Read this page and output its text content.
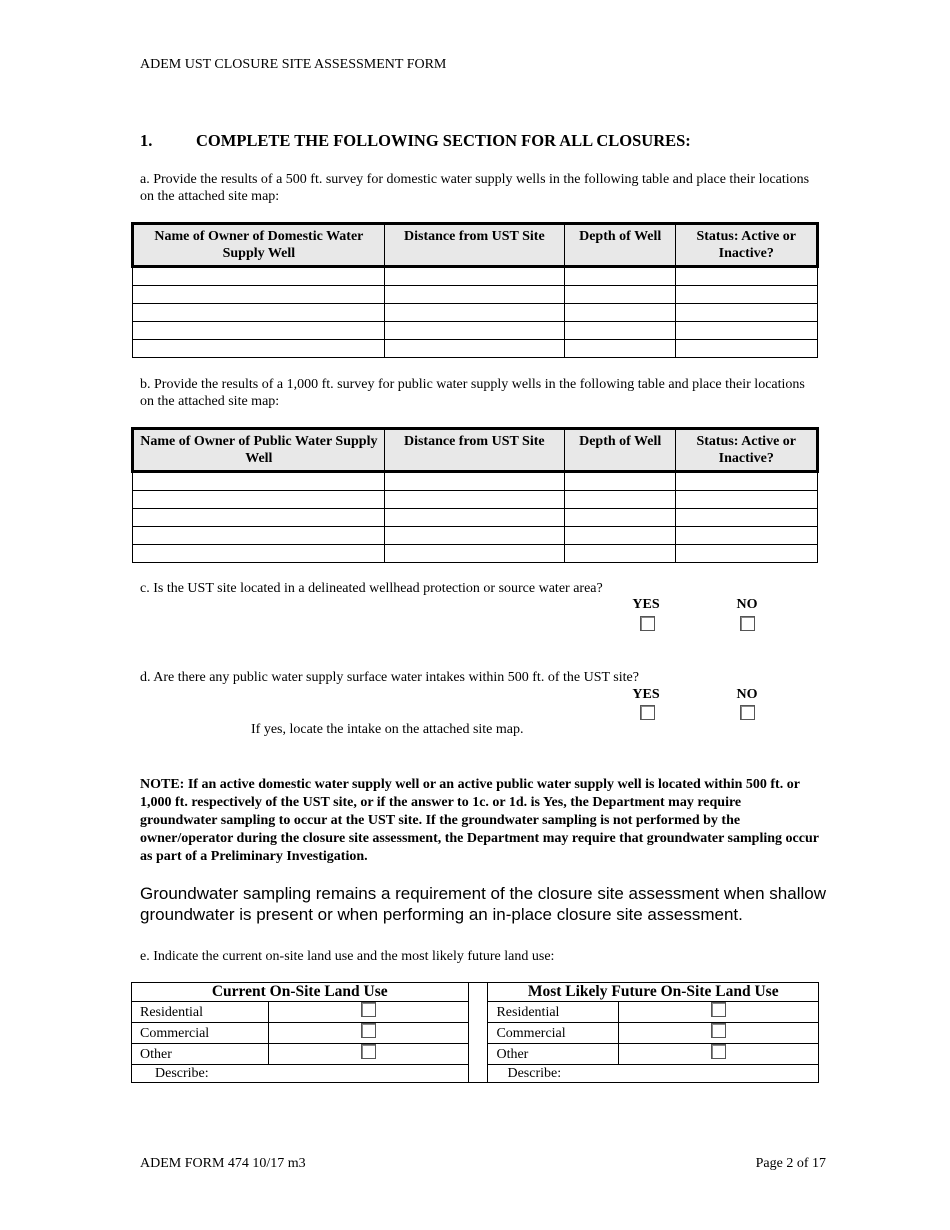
ADEM UST CLOSURE SITE ASSESSMENT FORM
1.	COMPLETE THE FOLLOWING SECTION FOR ALL CLOSURES:
a. Provide the results of a 500 ft. survey for domestic water supply wells in the following table and place their locations on the attached site map:
Name of Owner of Domestic Water Supply Well	Distance from UST Site	Depth of Well	Status: Active or Inactive?

b. Provide the results of a 1,000 ft. survey for public water supply wells in the following table and place their locations on the attached site map:
Name of Owner of Public Water Supply Well	Distance from UST Site	Depth of Well	Status: Active or Inactive?

c. Is the UST site located in a delineated wellhead protection or source water area?
YES	NO
d. Are there any public water supply surface water intakes within 500 ft. of the UST site?
YES	NO
If yes, locate the intake on the attached site map.
NOTE: If an active domestic water supply well or an active public water supply well is located within 500 ft. or 1,000 ft. respectively of the UST site, or if the answer to 1c. or 1d. is Yes, the Department may require groundwater sampling to occur at the UST site. If the groundwater sampling is not performed by the owner/operator during the closure site assessment, the Department may require that groundwater sampling occur as part of a Preliminary Investigation.
Groundwater sampling remains a requirement of the closure site assessment when shallow groundwater is present or when performing an in-place closure site assessment.
e. Indicate the current on-site land use and the most likely future land use:
Current On-Site Land Use			Most Likely Future On-Site Land Use	
Residential			Residential	
Commercial			Commercial	
Other			Other	
Describe:			Describe:	
ADEM FORM 474 10/17 m3	Page 2 of 17
